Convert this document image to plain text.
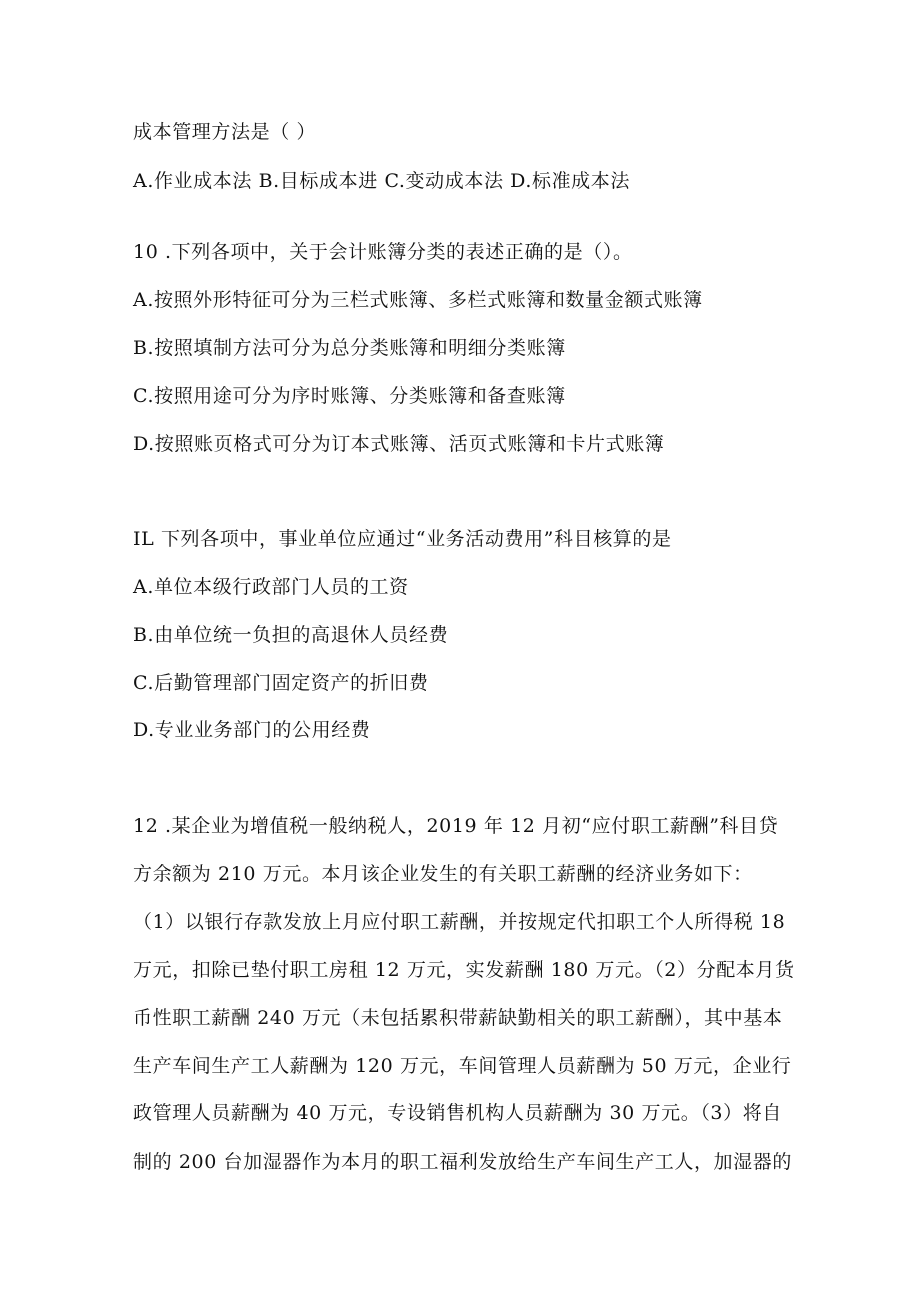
成本管理方法是（ ）
A.作业成本法 B.目标成本进 C.变动成本法 D.标准成本法
10 .下列各项中，关于会计账簿分类的表述正确的是（）。
A.按照外形特征可分为三栏式账簿、多栏式账簿和数量金额式账簿
B.按照填制方法可分为总分类账簿和明细分类账簿
C.按照用途可分为序时账簿、分类账簿和备查账簿
D.按照账页格式可分为订本式账簿、活页式账簿和卡片式账簿
IL 下列各项中，事业单位应通过“业务活动费用”科目核算的是
A.单位本级行政部门人员的工资
B.由单位统一负担的高退休人员经费
C.后勤管理部门固定资产的折旧费
D.专业业务部门的公用经费
12 .某企业为增值税一般纳税人，2019 年 12 月初“应付职工薪酬”科目贷
方余额为 210 万元。本月该企业发生的有关职工薪酬的经济业务如下：
（1）以银行存款发放上月应付职工薪酬，并按规定代扣职工个人所得税 18
万元，扣除已垫付职工房租 12 万元，实发薪酬 180 万元。（2）分配本月货
币性职工薪酬 240 万元（未包括累积带薪缺勤相关的职工薪酬），其中基本
生产车间生产工人薪酬为 120 万元，车间管理人员薪酬为 50 万元，企业行
政管理人员薪酬为 40 万元，专设销售机构人员薪酬为 30 万元。（3）将自
制的 200 台加湿器作为本月的职工福利发放给生产车间生产工人，加湿器的
